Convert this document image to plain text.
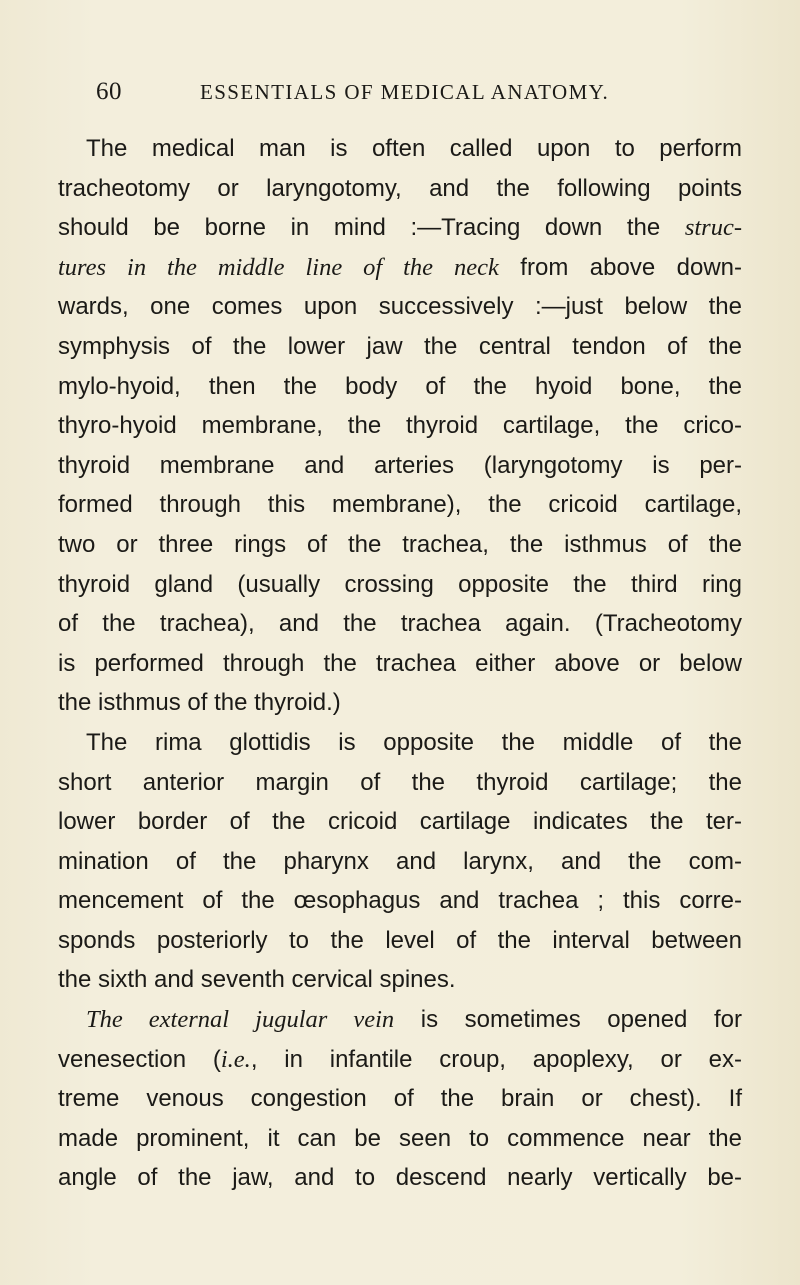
60	ESSENTIALS OF MEDICAL ANATOMY.
The medical man is often called upon to perform
tracheotomy or laryngotomy, and the following points
should be borne in mind :—Tracing down the struc-
tures in the middle line of the neck from above down-
wards, one comes upon successively :—just below the
symphysis of the lower jaw the central tendon of the
mylo-hyoid, then the body of the hyoid bone, the
thyro-hyoid membrane, the thyroid cartilage, the crico-
thyroid membrane and arteries (laryngotomy is per-
formed through this membrane), the cricoid cartilage,
two or three rings of the trachea, the isthmus of the
thyroid gland (usually crossing opposite the third ring
of the trachea), and the trachea again. (Tracheotomy
is performed through the trachea either above or below
the isthmus of the thyroid.)
The rima glottidis is opposite the middle of the
short anterior margin of the thyroid cartilage; the
lower border of the cricoid cartilage indicates the ter-
mination of the pharynx and larynx, and the com-
mencement of the œsophagus and trachea ; this corre-
sponds posteriorly to the level of the interval between
the sixth and seventh cervical spines.
The external jugular vein is sometimes opened for
venesection (i.e., in infantile croup, apoplexy, or ex-
treme venous congestion of the brain or chest). If
made prominent, it can be seen to commence near the
angle of the jaw, and to descend nearly vertically be-
